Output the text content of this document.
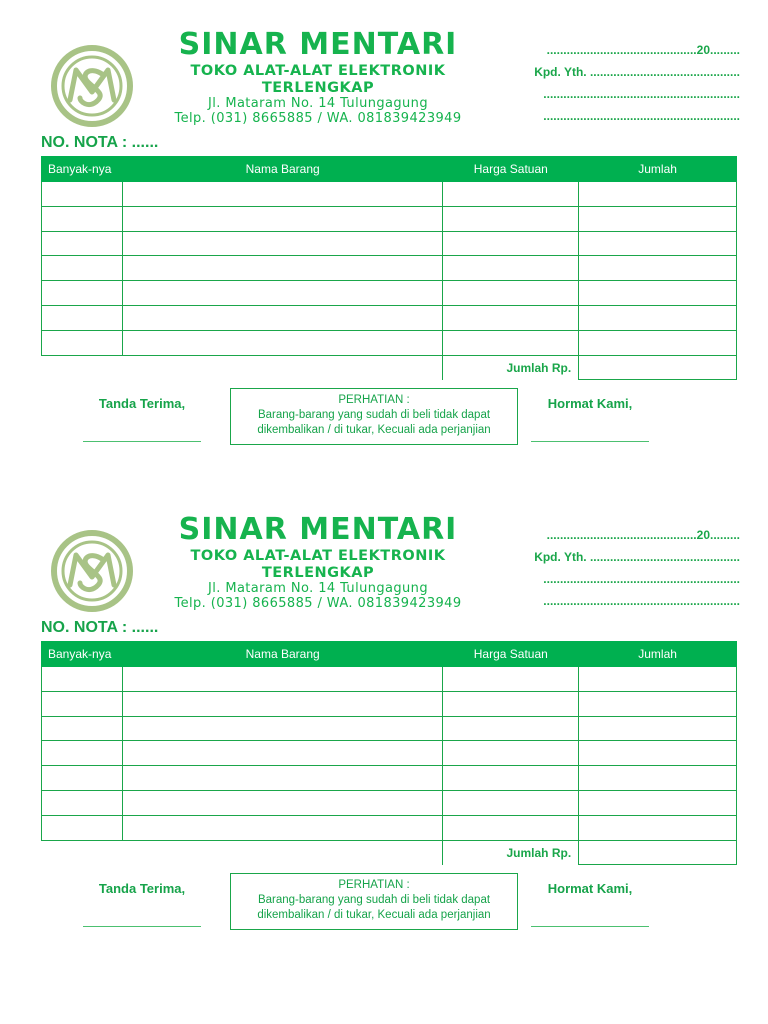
SINAR MENTARI
TOKO ALAT-ALAT ELEKTRONIK
TERLENGKAP
Jl. Mataram No. 14 Tulungagung
Telp. (031) 8665885 / WA. 081839423949
.............................................20.........
Kpd. Yth. .............................................
...........................................................
...........................................................
NO. NOTA : ......
Banyak-nya	Nama Barang	Harga Satuan	Jumlah

		Jumlah Rp.	
Tanda Terima,	PERHATIAN :
Barang-barang yang sudah di beli tidak dapat
dikembalikan / di tukar, Kecuali ada perjanjian
Hormat Kami,
SINAR MENTARI
TOKO ALAT-ALAT ELEKTRONIK
TERLENGKAP
Jl. Mataram No. 14 Tulungagung
Telp. (031) 8665885 / WA. 081839423949
.............................................20.........
Kpd. Yth. .............................................
...........................................................
...........................................................
NO. NOTA : ......
Banyak-nya	Nama Barang	Harga Satuan	Jumlah

		Jumlah Rp.	
Tanda Terima,	PERHATIAN :
Barang-barang yang sudah di beli tidak dapat
dikembalikan / di tukar, Kecuali ada perjanjian
Hormat Kami,
